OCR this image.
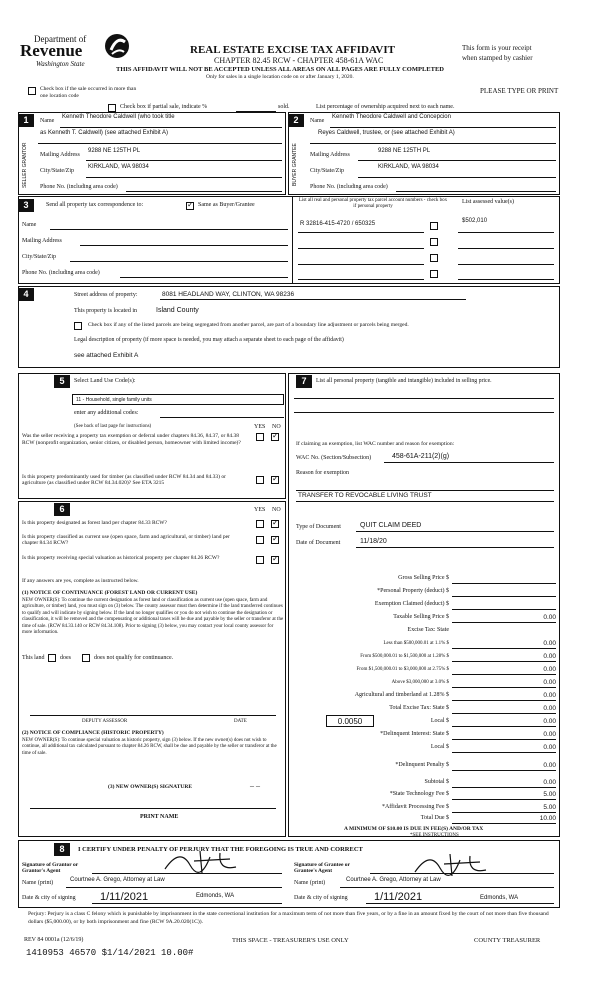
Department of
Revenue
Washington State
REAL ESTATE EXCISE TAX AFFIDAVIT
CHAPTER 82.45 RCW - CHAPTER 458-61A WAC
THIS AFFIDAVIT WILL NOT BE ACCEPTED UNLESS ALL AREAS ON ALL PAGES ARE FULLY COMPLETED
Only for sales in a single location code on or after January 1, 2020.
This form is your receipt
when stamped by cashier
PLEASE TYPE OR PRINT
Check box if the sale occurred in more than one location code
Check box if partial sale, indicate %	sold.	List percentage of ownership acquired next to each name.
1	2
SELLER GRANTOR	BUYER GRANTEE
Name
Kenneth Theodore Caldwell (who took title
as Kenneth T. Caldwell) (see attached Exhibit A)
Mailing Address
9288 NE 125TH PL
City/State/Zip
KIRKLAND, WA 98034
Phone No. (including area code)
Name
Kenneth Theodore Caldwell and Concepcion
Reyes Caldwell, trustee, or (see attached Exhibit A)
Mailing Address
9288 NE 125TH PL
City/State/Zip
KIRKLAND, WA 98034
Phone No. (including area code)
3	Send all property tax correspondence to:
✓	Same as Buyer/Grantee
List all real and personal property tax parcel account numbers - check box if personal property
List assessed value(s)
Name
Mailing Address
City/State/Zip
Phone No. (including area code)
R 32816-415-4720 / 650325	$502,010
4	Street address of property:	8081 HEADLAND WAY, CLINTON, WA 98236
This property is located in	Island County
Check box if any of the listed parcels are being segregated from another parcel, are part of a boundary line adjustment or parcels being merged.
Legal description of property (if more space is needed, you may attach a separate sheet to each page of the affidavit)
see attached Exhibit A
5	Select Land Use Code(s):
11 - Household, single family units
enter any additional codes:
(See back of last page for instructions)	YES NO
Was the seller receiving a property tax exemption or deferral under chapters 84.36, 84.37, or 84.38 RCW (nonprofit organization, senior citizen, or disabled person, homeowner with limited income)?
✓
Is this property predominantly used for timber (as classified under RCW 84.34 and 84.33) or agriculture (as classified under RCW 84.34.020)? See ETA 3215
✓
6	YES NO
Is this property designated as forest land per chapter 84.33 RCW?
✓
Is this property classified as current use (open space, farm and agricultural, or timber) land per chapter 84.34 RCW?
✓
Is this property receiving special valuation as historical property per chapter 84.26 RCW?
✓
If any answers are yes, complete as instructed below.
(1) NOTICE OF CONTINUANCE (FOREST LAND OR CURRENT USE)
NEW OWNER(S): To continue the current designation as forest land or classification as current use (open space, farm and agriculture, or timber) land, you must sign on (3) below. The county assessor must then determine if the land transferred continues to qualify and will indicate by signing below. If the land no longer qualifies or you do not wish to continue the designation or classification, it will be removed and the compensating or additional taxes will be due and payable by the seller or transferor at the time of sale. (RCW 84.33.140 or RCW 84.34.108). Prior to signing (3) below, you may contact your local county assessor for more information.
This land	does	does not qualify for continuance.
DEPUTY ASSESSOR	DATE
(2) NOTICE OF COMPLIANCE (HISTORIC PROPERTY)
NEW OWNER(S): To continue special valuation as historic property, sign (3) below. If the new owner(s) does not wish to continue, all additional tax calculated pursuant to chapter 84.26 RCW, shall be due and payable by the seller or transferor at the time of sale.
(3) NEW OWNER(S) SIGNATURE	– –
PRINT NAME
7	List all personal property (tangible and intangible) included in selling price.
If claiming an exemption, list WAC number and reason for exemption:
WAC No. (Section/Subsection)	458-61A-211(2)(g)
Reason for exemption
TRANSFER TO REVOCABLE LIVING TRUST
Type of Document	QUIT CLAIM DEED
Date of Document	11/18/20
Gross Selling Price $
*Personal Property (deduct) $
Exemption Claimed (deduct) $
Taxable Selling Price $	0.00
Excise Tax: State
Less than $500,000.01 at 1.1% $	0.00
From $500,000.01 to $1,500,000 at 1.28% $	0.00
From $1,500,000.01 to $3,000,000 at 2.75% $	0.00
Above $3,000,000 at 3.0% $	0.00
Agricultural and timberland at 1.28% $	0.00
Total Excise Tax: State $	0.00
0.0050	Local $	0.00
*Delinquent Interest: State $	0.00
Local $	0.00
*Delinquent Penalty $	0.00
Subtotal $	0.00
*State Technology Fee $	5.00
*Affidavit Processing Fee $	5.00
Total Due $	10.00
A MINIMUM OF $10.00 IS DUE IN FEE(S) AND/OR TAX
*SEE INSTRUCTIONS
8	I CERTIFY UNDER PENALTY OF PERJURY THAT THE FOREGOING IS TRUE AND CORRECT
Signature of Grantor or Grantor's Agent
Signature of Grantee or Grantee's Agent
Name (print)	Courtnee A. Grego, Attorney at Law	Name (print)	Courtnee A. Grego, Attorney at Law
Date & city of signing 1/11/2021	Edmonds, WA	Date & city of signing 1/11/2021	Edmonds, WA
Perjury: Perjury is a class C felony which is punishable by imprisonment in the state correctional institution for a maximum term of not more than five years, or by a fine in an amount fixed by the court of not more than five thousand dollars ($5,000.00), or by both imprisonment and fine (RCW 9A.20.020(1C)).
REV 84 0001a (12/6/19)	THIS SPACE - TREASURER'S USE ONLY	COUNTY TREASURER
1410953 46570 $1/14/2021 10.00#
